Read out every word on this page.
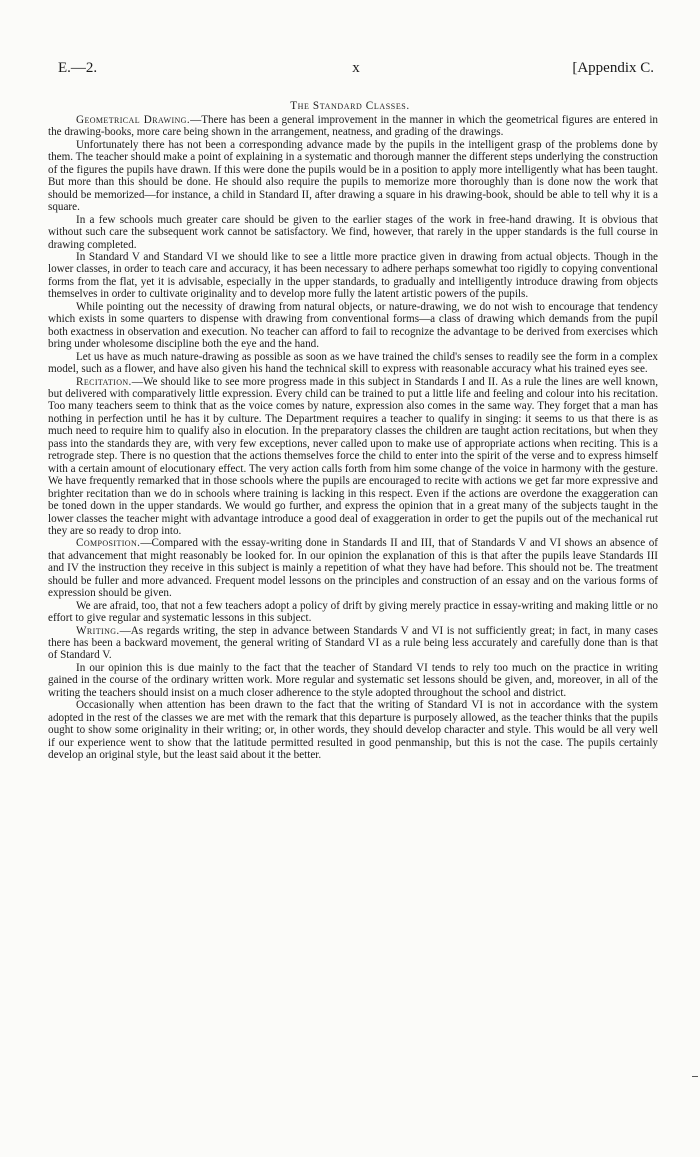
E.—2.	x	[Appendix C.
The Standard Classes.

Geometrical Drawing.—There has been a general improvement in the manner in which the geometrical figures are entered in the drawing-books, more care being shown in the arrangement, neatness, and grading of the drawings.

Unfortunately there has not been a corresponding advance made by the pupils in the intelligent grasp of the problems done by them. The teacher should make a point of explaining in a systematic and thorough manner the different steps underlying the construction of the figures the pupils have drawn. If this were done the pupils would be in a position to apply more intelligently what has been taught. But more than this should be done. He should also require the pupils to memorize more thoroughly than is done now the work that should be memorized—for instance, a child in Standard II, after drawing a square in his drawing-book, should be able to tell why it is a square.

In a few schools much greater care should be given to the earlier stages of the work in free-hand drawing. It is obvious that without such care the subsequent work cannot be satisfactory. We find, however, that rarely in the upper standards is the full course in drawing completed.

In Standard V and Standard VI we should like to see a little more practice given in drawing from actual objects. Though in the lower classes, in order to teach care and accuracy, it has been necessary to adhere perhaps somewhat too rigidly to copying conventional forms from the flat, yet it is advisable, especially in the upper standards, to gradually and intelligently introduce drawing from objects themselves in order to cultivate originality and to develop more fully the latent artistic powers of the pupils.

While pointing out the necessity of drawing from natural objects, or nature-drawing, we do not wish to encourage that tendency which exists in some quarters to dispense with drawing from conventional forms—a class of drawing which demands from the pupil both exactness in observation and execution. No teacher can afford to fail to recognize the advantage to be derived from exercises which bring under wholesome discipline both the eye and the hand.

Let us have as much nature-drawing as possible as soon as we have trained the child's senses to readily see the form in a complex model, such as a flower, and have also given his hand the technical skill to express with reasonable accuracy what his trained eyes see.

Recitation.—We should like to see more progress made in this subject in Standards I and II. As a rule the lines are well known, but delivered with comparatively little expression. Every child can be trained to put a little life and feeling and colour into his recitation. Too many teachers seem to think that as the voice comes by nature, expression also comes in the same way. They forget that a man has nothing in perfection until he has it by culture. The Department requires a teacher to qualify in singing: it seems to us that there is as much need to require him to qualify also in elocution. In the preparatory classes the children are taught action recitations, but when they pass into the standards they are, with very few exceptions, never called upon to make use of appropriate actions when reciting. This is a retrograde step. There is no question that the actions themselves force the child to enter into the spirit of the verse and to express himself with a certain amount of elocutionary effect. The very action calls forth from him some change of the voice in harmony with the gesture. We have frequently remarked that in those schools where the pupils are encouraged to recite with actions we get far more expressive and brighter recitation than we do in schools where training is lacking in this respect. Even if the actions are overdone the exaggeration can be toned down in the upper standards. We would go further, and express the opinion that in a great many of the subjects taught in the lower classes the teacher might with advantage introduce a good deal of exaggeration in order to get the pupils out of the mechanical rut they are so ready to drop into.

Composition.—Compared with the essay-writing done in Standards II and III, that of Standards V and VI shows an absence of that advancement that might reasonably be looked for. In our opinion the explanation of this is that after the pupils leave Standards III and IV the instruction they receive in this subject is mainly a repetition of what they have had before. This should not be. The treatment should be fuller and more advanced. Frequent model lessons on the principles and construction of an essay and on the various forms of expression should be given.

We are afraid, too, that not a few teachers adopt a policy of drift by giving merely practice in essay-writing and making little or no effort to give regular and systematic lessons in this subject.

Writing.—As regards writing, the step in advance between Standards V and VI is not sufficiently great; in fact, in many cases there has been a backward movement, the general writing of Standard VI as a rule being less accurately and carefully done than is that of Standard V.

In our opinion this is due mainly to the fact that the teacher of Standard VI tends to rely too much on the practice in writing gained in the course of the ordinary written work. More regular and systematic set lessons should be given, and, moreover, in all of the writing the teachers should insist on a much closer adherence to the style adopted throughout the school and district.

Occasionally when attention has been drawn to the fact that the writing of Standard VI is not in accordance with the system adopted in the rest of the classes we are met with the remark that this departure is purposely allowed, as the teacher thinks that the pupils ought to show some originality in their writing; or, in other words, they should develop character and style. This would be all very well if our experience went to show that the latitude permitted resulted in good penmanship, but this is not the case. The pupils certainly develop an original style, but the least said about it the better.
